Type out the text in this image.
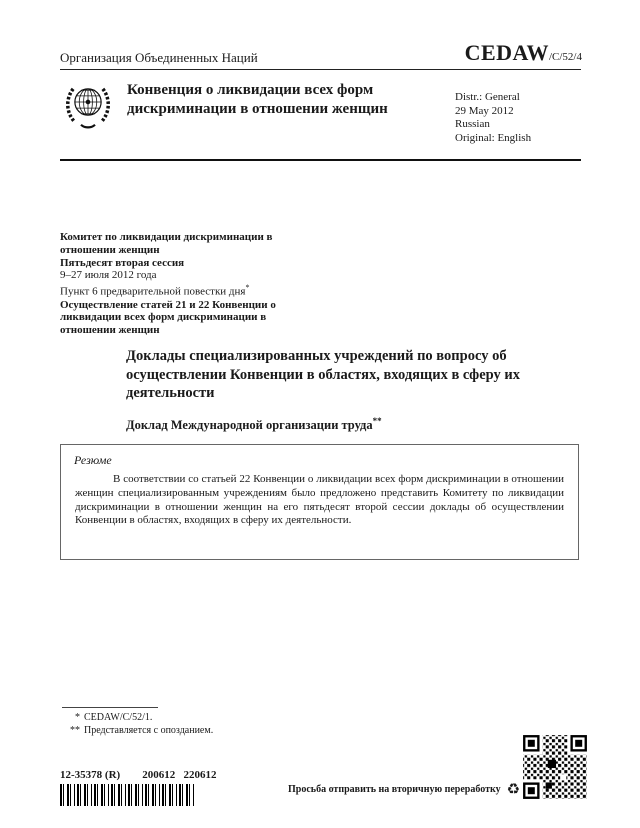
Организация Объединенных Наций	CEDAW/C/52/4
Конвенция о ликвидации всех форм дискриминации в отношении женщин
Distr.: General
29 May 2012
Russian
Original: English
Комитет по ликвидации дискриминации в отношении женщин
Пятьдесят вторая сессия
9–27 июля 2012 года
Пункт 6 предварительной повестки дня*
Осуществление статей 21 и 22 Конвенции о ликвидации всех форм дискриминации в отношении женщин
Доклады специализированных учреждений по вопросу об осуществлении Конвенции в областях, входящих в сферу их деятельности
Доклад Международной организации труда**
Резюме
В соответствии со статьей 22 Конвенции о ликвидации всех форм дискриминации в отношении женщин специализированным учреждениям было предложено представить Комитету по ликвидации дискриминации в отношении женщин на его пятьдесят второй сессии доклады об осуществлении Конвенции в областях, входящих в сферу их деятельности.
* CEDAW/C/52/1.
** Представляется с опозданием.
12-35378 (R) 200612   220612
Просьба отправить на вторичную переработку ♻
